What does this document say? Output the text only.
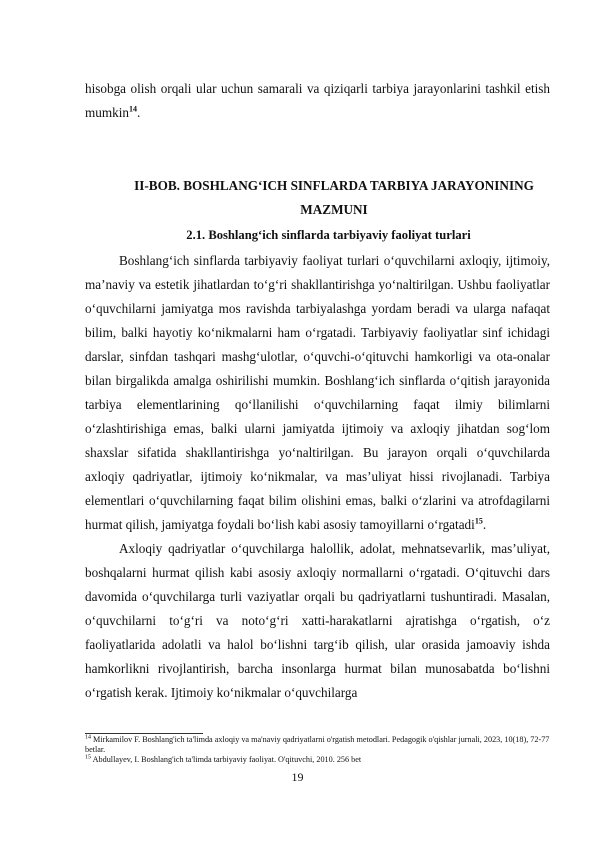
hisobga olish orqali ular uchun samarali va qiziqarli tarbiya jarayonlarini tashkil etish mumkin$^{14}$.

II-BOB. BOSHLANG‘ICH SINFLARDA TARBIYA JARAYONINING
MAZMUNI
2.1. Boshlang‘ich sinflarda tarbiyaviy faoliyat turlari

Boshlang‘ich sinflarda tarbiyaviy faoliyat turlari o‘quvchilarni axloqiy, ijtimoiy, ma’naviy va estetik jihatlardan to‘g‘ri shakllantirishga yo‘naltirilgan. Ushbu faoliyatlar o‘quvchilarni jamiyatga mos ravishda tarbiyalashga yordam beradi va ularga nafaqat bilim, balki hayotiy ko‘nikmalarni ham o‘rgatadi. Tarbiyaviy faoliyatlar sinf ichidagi darslar, sinfdan tashqari mashg‘ulotlar, o‘quvchi-o‘qituvchi hamkorligi va ota-onalar bilan birgalikda amalga oshirilishi mumkin. Boshlang‘ich sinflarda o‘qitish jarayonida tarbiya elementlarining qo‘llanilishi o‘quvchilarning faqat ilmiy bilimlarni o‘zlashtirishiga emas, balki ularni jamiyatda ijtimoiy va axloqiy jihatdan sog‘lom shaxslar sifatida shakllantirishga yo‘naltirilgan. Bu jarayon orqali o‘quvchilarda axloqiy qadriyatlar, ijtimoiy ko‘nikmalar, va mas’uliyat hissi rivojlanadi. Tarbiya elementlari o‘quvchilarning faqat bilim olishini emas, balki o‘zlarini va atrofdagilarni hurmat qilish, jamiyatga foydali bo‘lish kabi asosiy tamoyillarni o‘rgatadi$^{15}$.

Axloqiy qadriyatlar o‘quvchilarga halollik, adolat, mehnatsevarlik, mas’uliyat, boshqalarni hurmat qilish kabi asosiy axloqiy normallarni o‘rgatadi. O‘qituvchi dars davomida o‘quvchilarga turli vaziyatlar orqali bu qadriyatlarni tushuntiradi. Masalan, o‘quvchilarni to‘g‘ri va noto‘g‘ri xatti-harakatlarni ajratishga o‘rgatish, o‘z faoliyatlarida adolatli va halol bo‘lishni targ‘ib qilish, ular orasida jamoaviy ishda hamkorlikni rivojlantirish, barcha insonlarga hurmat bilan munosabatda bo‘lishni o‘rgatish kerak. Ijtimoiy ko‘nikmalar o‘quvchilarga

$^{14}$ Mirkamilov F. Boshlang'ich ta'limda axloqiy va ma'naviy qadriyatlarni o'rgatish metodlari. Pedagogik o'qishlar jurnali, 2023, 10(18), 72-77 betlar.

$^{15}$ Abdullayev, I. Boshlang'ich ta'limda tarbiyaviy faoliyat. O'qituvchi, 2010. 256 bet

19
